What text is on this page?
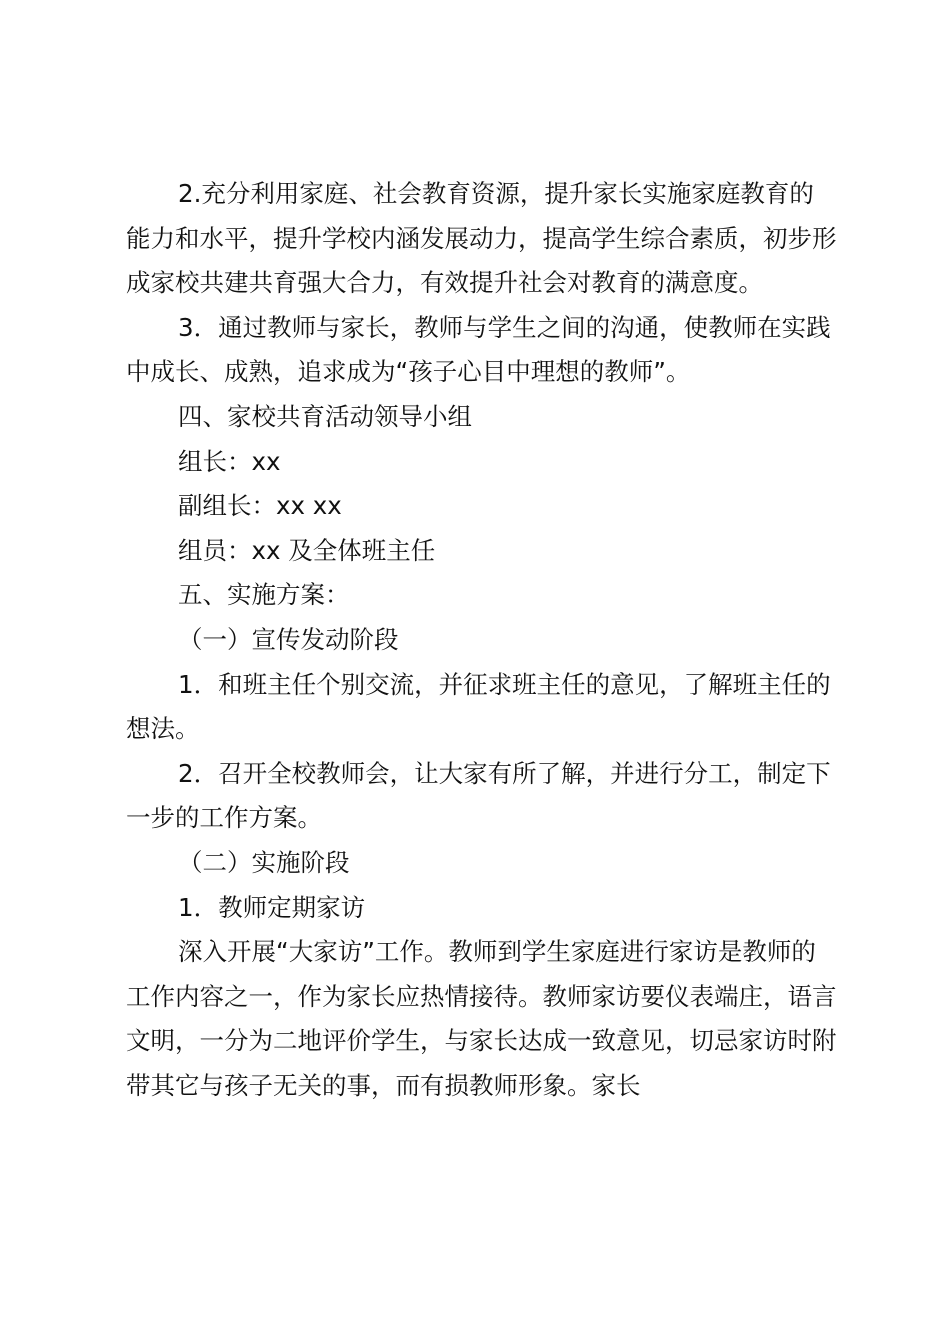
2.充分利用家庭、社会教育资源，提升家长实施家庭教育的能力和水平，提升学校内涵发展动力，提高学生综合素质，初步形成家校共建共育强大合力，有效提升社会对教育的满意度。

3．通过教师与家长，教师与学生之间的沟通，使教师在实践中成长、成熟，追求成为“孩子心目中理想的教师”。

四、家校共育活动领导小组

组长：xx

副组长：xx xx

组员：xx 及全体班主任

五、实施方案：

（一）宣传发动阶段

1．和班主任个别交流，并征求班主任的意见，了解班主任的想法。

2．召开全校教师会，让大家有所了解，并进行分工，制定下一步的工作方案。

（二）实施阶段

1．教师定期家访

深入开展“大家访”工作。教师到学生家庭进行家访是教师的工作内容之一，作为家长应热情接待。教师家访要仪表端庄，语言文明，一分为二地评价学生，与家长达成一致意见，切忌家访时附带其它与孩子无关的事，而有损教师形象。家长
